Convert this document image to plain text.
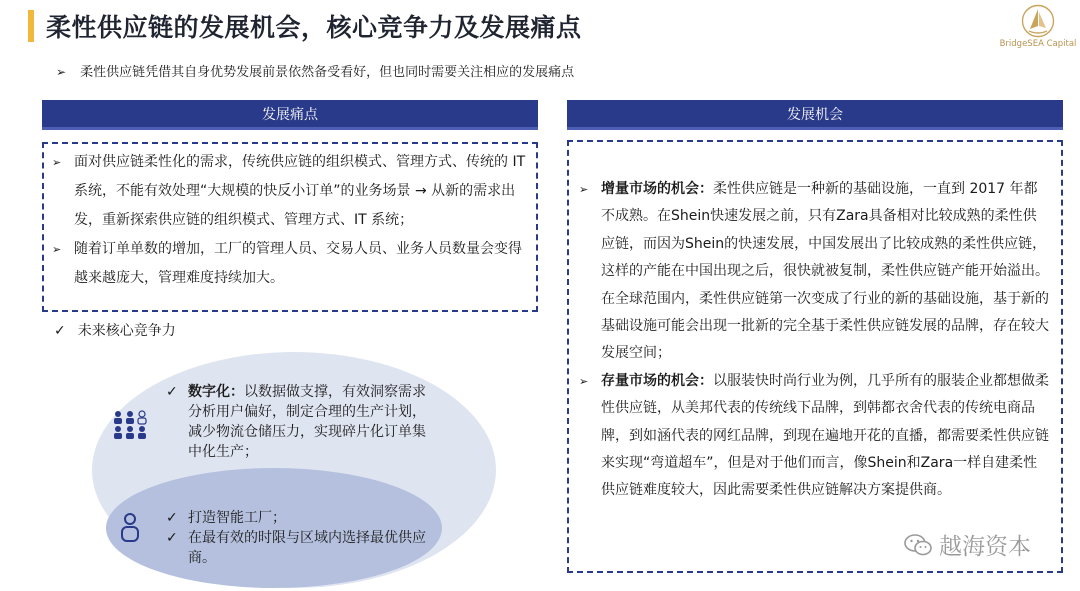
柔性供应链的发展机会，核心竞争力及发展痛点
BridgeSEA Capital
➢ 柔性供应链凭借其自身优势发展前景依然备受看好，但也同时需要关注相应的发展痛点
发展痛点
➢ 面对供应链柔性化的需求，传统供应链的组织模式、管理方式、传统的 IT 系统，不能有效处理“大规模的快反小订单”的业务场景 → 从新的需求出发，重新探索供应链的组织模式、管理方式、IT 系统；
➢ 随着订单单数的增加，工厂的管理人员、交易人员、业务人员数量会变得越来越庞大，管理难度持续加大。
✓ 未来核心竞争力
✓ 数字化：以数据做支撑，有效洞察需求分析用户偏好，制定合理的生产计划，减少物流仓储压力，实现碎片化订单集中化生产；
✓ 打造智能工厂；
✓ 在最有效的时限与区域内选择最优供应商。
发展机会
➢ 增量市场的机会：柔性供应链是一种新的基础设施，一直到 2017 年都不成熟。在Shein快速发展之前，只有Zara具备相对比较成熟的柔性供应链，而因为Shein的快速发展，中国发展出了比较成熟的柔性供应链，这样的产能在中国出现之后，很快就被复制，柔性供应链产能开始溢出。在全球范围内，柔性供应链第一次变成了行业的新的基础设施，基于新的基础设施可能会出现一批新的完全基于柔性供应链发展的品牌，存在较大发展空间；
➢ 存量市场的机会：以服装快时尚行业为例，几乎所有的服装企业都想做柔性供应链，从美邦代表的传统线下品牌，到韩都衣舍代表的传统电商品牌，到如涵代表的网红品牌，到现在遍地开花的直播，都需要柔性供应链来实现“弯道超车”，但是对于他们而言，像Shein和Zara一样自建柔性供应链难度较大，因此需要柔性供应链解决方案提供商。
越海资本
